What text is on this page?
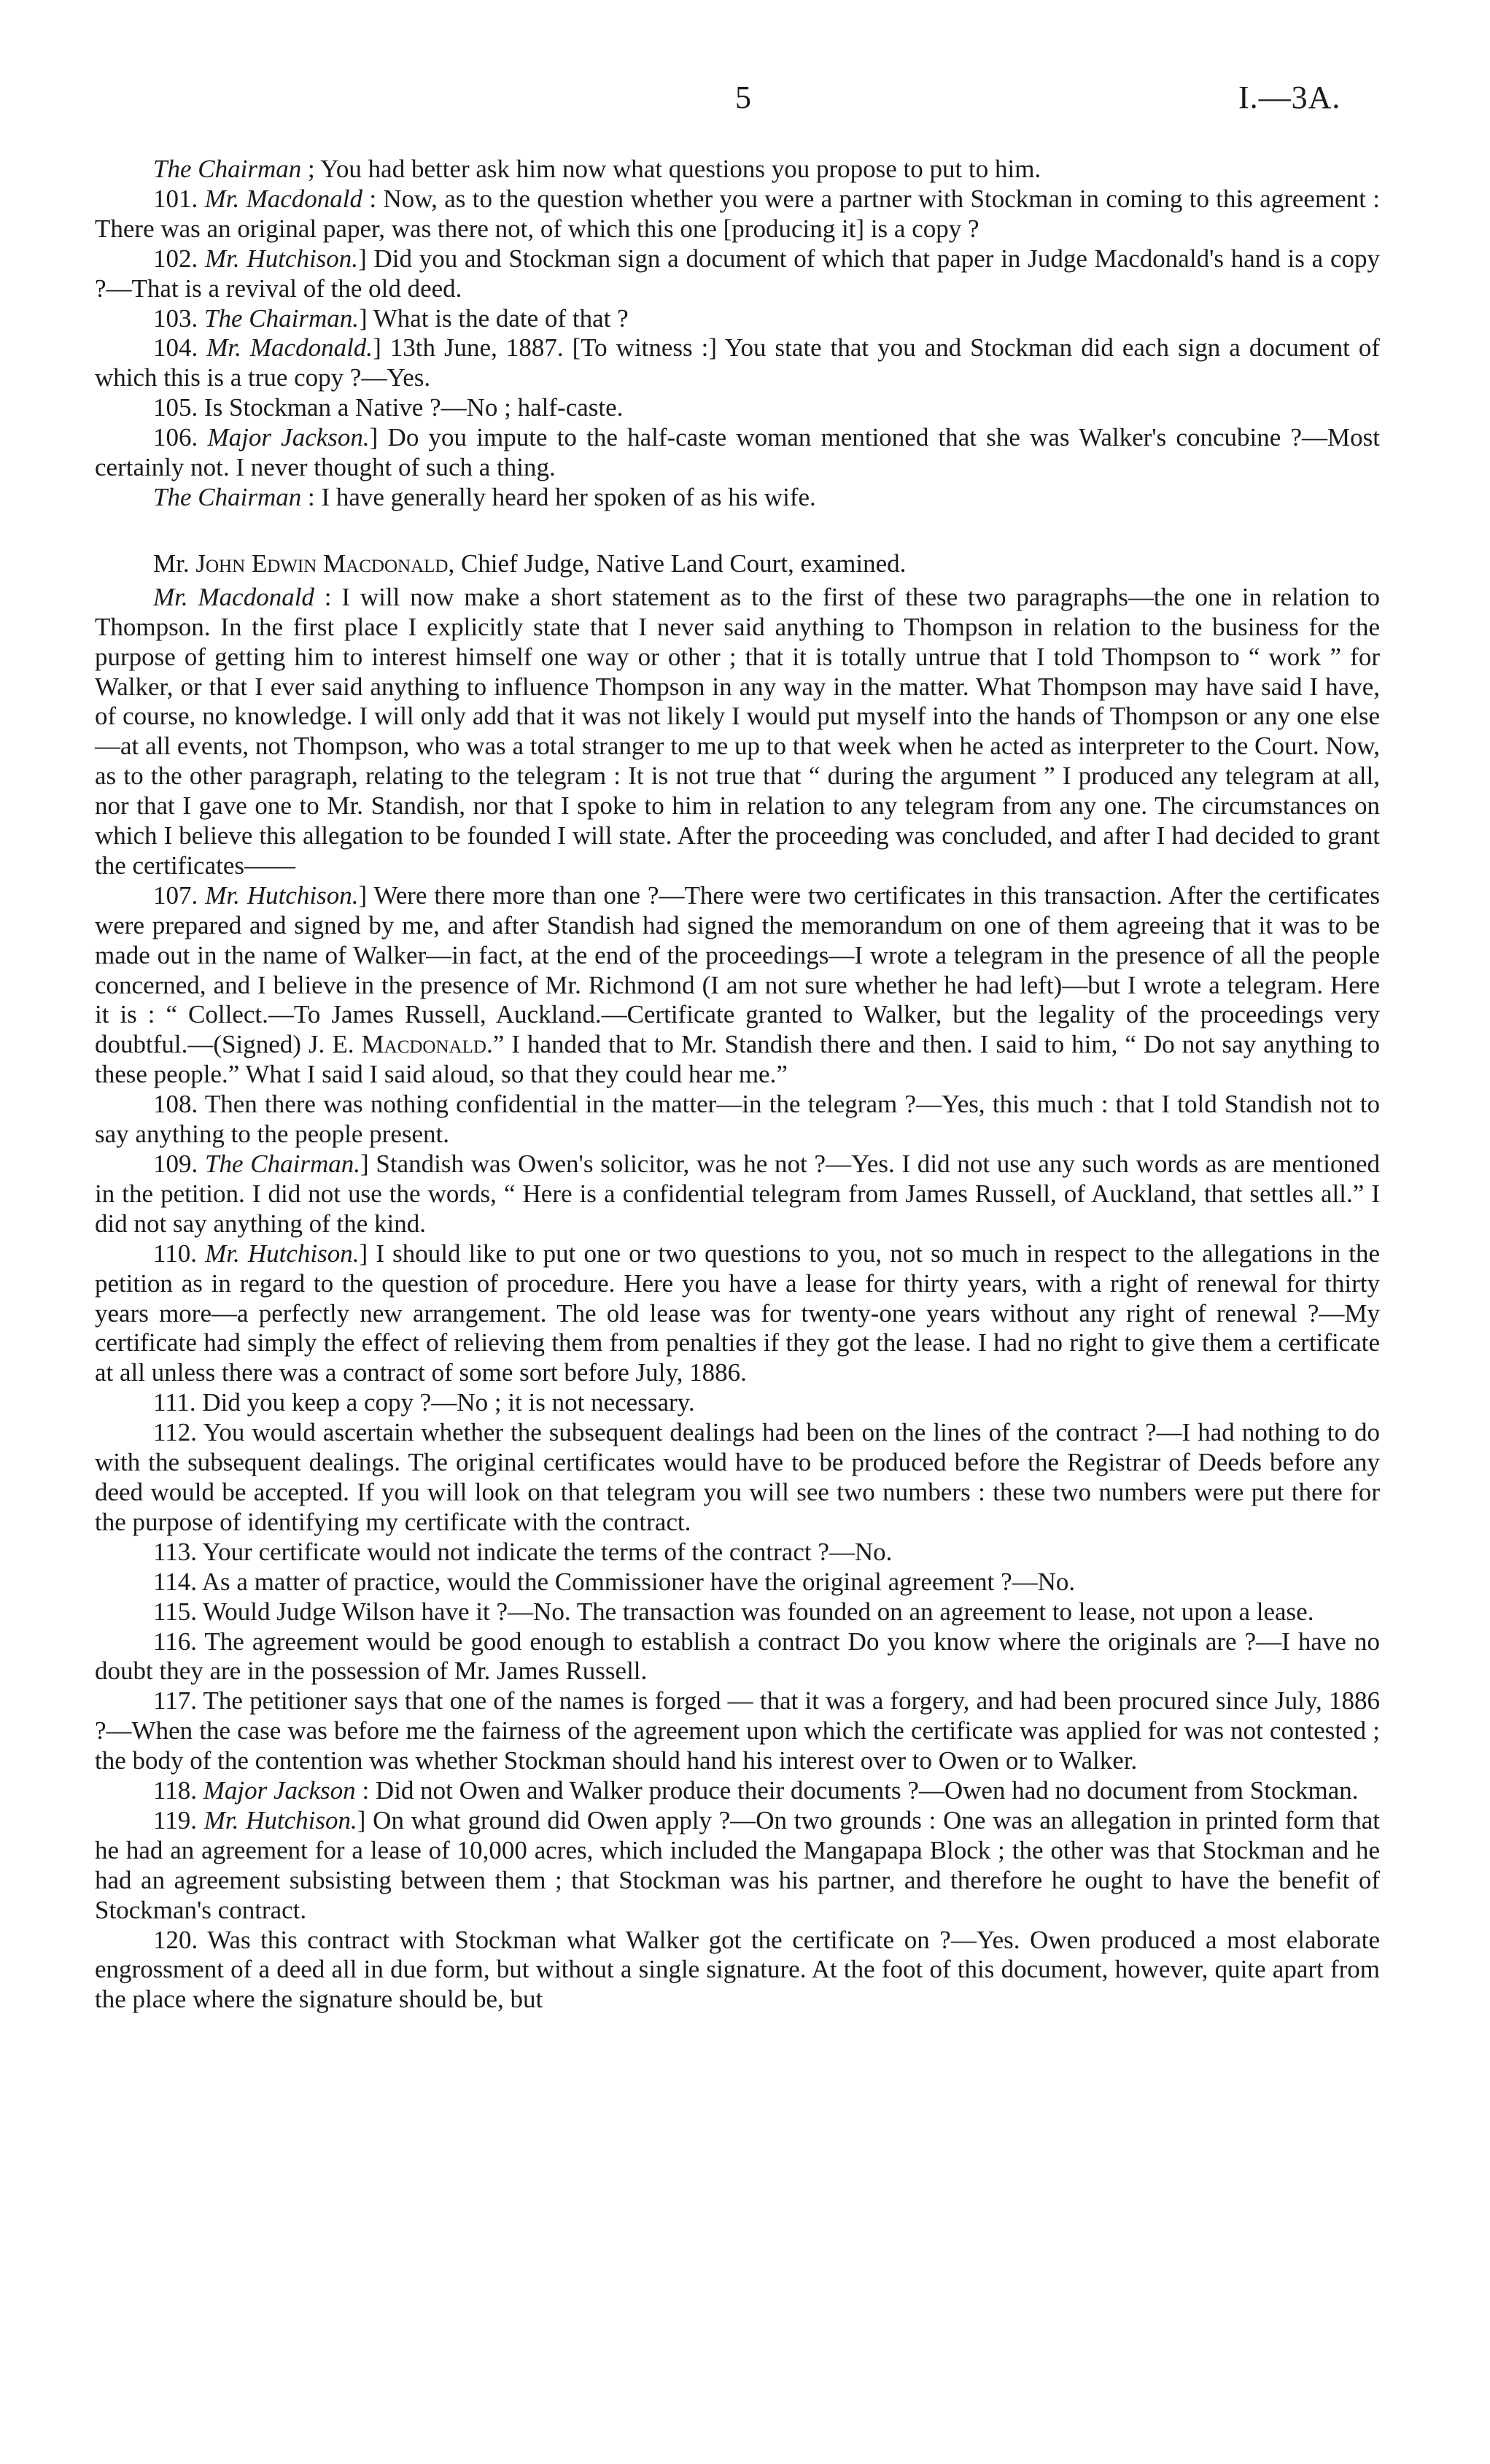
5	I.—3A.

The Chairman ; You had better ask him now what questions you propose to put to him.

101. Mr. Macdonald : Now, as to the question whether you were a partner with Stockman in coming to this agreement : There was an original paper, was there not, of which this one [producing it] is a copy ?

102. Mr. Hutchison.] Did you and Stockman sign a document of which that paper in Judge Macdonald's hand is a copy ?—That is a revival of the old deed.

103. The Chairman.] What is the date of that ?

104. Mr. Macdonald.] 13th June, 1887. [To witness :] You state that you and Stockman did each sign a document of which this is a true copy ?—Yes.

105. Is Stockman a Native ?—No ; half-caste.

106. Major Jackson.] Do you impute to the half-caste woman mentioned that she was Walker's concubine ?—Most certainly not. I never thought of such a thing.

The Chairman : I have generally heard her spoken of as his wife.

Mr. John Edwin Macdonald, Chief Judge, Native Land Court, examined.

Mr. Macdonald : I will now make a short statement as to the first of these two paragraphs—the one in relation to Thompson. In the first place I explicitly state that I never said anything to Thompson in relation to the business for the purpose of getting him to interest himself one way or other ; that it is totally untrue that I told Thompson to “ work ” for Walker, or that I ever said anything to influence Thompson in any way in the matter. What Thompson may have said I have, of course, no knowledge. I will only add that it was not likely I would put myself into the hands of Thompson or any one else—at all events, not Thompson, who was a total stranger to me up to that week when he acted as interpreter to the Court. Now, as to the other paragraph, relating to the telegram : It is not true that “ during the argument ” I produced any telegram at all, nor that I gave one to Mr. Standish, nor that I spoke to him in relation to any telegram from any one. The circumstances on which I believe this allegation to be founded I will state. After the proceeding was concluded, and after I had decided to grant the certificates——

107. Mr. Hutchison.] Were there more than one ?—There were two certificates in this transaction. After the certificates were prepared and signed by me, and after Standish had signed the memorandum on one of them agreeing that it was to be made out in the name of Walker—in fact, at the end of the proceedings—I wrote a telegram in the presence of all the people concerned, and I believe in the presence of Mr. Richmond (I am not sure whether he had left)—but I wrote a telegram. Here it is : “ Collect.—To James Russell, Auckland.—Certificate granted to Walker, but the legality of the proceedings very doubtful.—(Signed) J. E. Macdonald.” I handed that to Mr. Standish there and then. I said to him, “ Do not say anything to these people.” What I said I said aloud, so that they could hear me.”

108. Then there was nothing confidential in the matter—in the telegram ?—Yes, this much : that I told Standish not to say anything to the people present.

109. The Chairman.] Standish was Owen's solicitor, was he not ?—Yes. I did not use any such words as are mentioned in the petition. I did not use the words, “ Here is a confidential telegram from James Russell, of Auckland, that settles all.” I did not say anything of the kind.

110. Mr. Hutchison.] I should like to put one or two questions to you, not so much in respect to the allegations in the petition as in regard to the question of procedure. Here you have a lease for thirty years, with a right of renewal for thirty years more—a perfectly new arrangement. The old lease was for twenty-one years without any right of renewal ?—My certificate had simply the effect of relieving them from penalties if they got the lease. I had no right to give them a certificate at all unless there was a contract of some sort before July, 1886.

111. Did you keep a copy ?—No ; it is not necessary.

112. You would ascertain whether the subsequent dealings had been on the lines of the contract ?—I had nothing to do with the subsequent dealings. The original certificates would have to be produced before the Registrar of Deeds before any deed would be accepted. If you will look on that telegram you will see two numbers : these two numbers were put there for the purpose of identifying my certificate with the contract.

113. Your certificate would not indicate the terms of the contract ?—No.

114. As a matter of practice, would the Commissioner have the original agreement ?—No.

115. Would Judge Wilson have it ?—No. The transaction was founded on an agreement to lease, not upon a lease.

116. The agreement would be good enough to establish a contract Do you know where the originals are ?—I have no doubt they are in the possession of Mr. James Russell.

117. The petitioner says that one of the names is forged — that it was a forgery, and had been procured since July, 1886 ?—When the case was before me the fairness of the agreement upon which the certificate was applied for was not contested ; the body of the contention was whether Stockman should hand his interest over to Owen or to Walker.

118. Major Jackson : Did not Owen and Walker produce their documents ?—Owen had no document from Stockman.

119. Mr. Hutchison.] On what ground did Owen apply ?—On two grounds : One was an allegation in printed form that he had an agreement for a lease of 10,000 acres, which included the Mangapapa Block ; the other was that Stockman and he had an agreement subsisting between them ; that Stockman was his partner, and therefore he ought to have the benefit of Stockman's contract.

120. Was this contract with Stockman what Walker got the certificate on ?—Yes. Owen produced a most elaborate engrossment of a deed all in due form, but without a single signature. At the foot of this document, however, quite apart from the place where the signature should be, but
